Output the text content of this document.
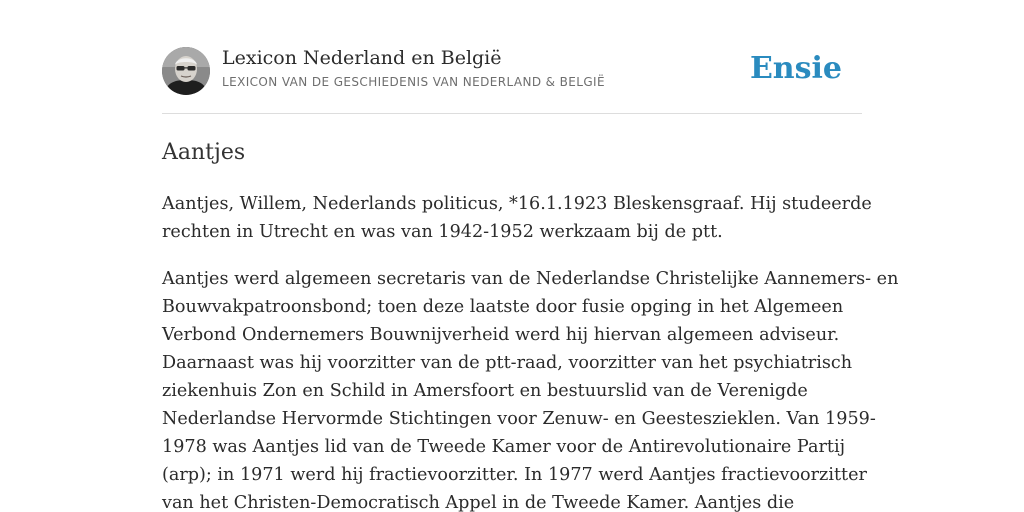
Lexicon Nederland en België
LEXICON VAN DE GESCHIEDENIS VAN NEDERLAND & BELGIË	Ensie
Aantjes
Aantjes, Willem, Nederlands politicus, *16.1.1923 Bleskensgraaf. Hij studeerde
rechten in Utrecht en was van 1942-1952 werkzaam bij de ptt.
Aantjes werd algemeen secretaris van de Nederlandse Christelijke Aannemers- en
Bouwvakpatroonsbond; toen deze laatste door fusie opging in het Algemeen
Verbond Ondernemers Bouwnijverheid werd hij hiervan algemeen adviseur.
Daarnaast was hij voorzitter van de ptt-raad, voorzitter van het psychiatrisch
ziekenhuis Zon en Schild in Amersfoort en bestuurslid van de Verenigde
Nederlandse Hervormde Stichtingen voor Zenuw- en Geesteszieklen. Van 1959-
1978 was Aantjes lid van de Tweede Kamer voor de Antirevolutionaire Partij
(arp); in 1971 werd hij fractievoorzitter. In 1977 werd Aantjes fractievoorzitter
van het Christen-Democratisch Appel in de Tweede Kamer. Aantjes die
